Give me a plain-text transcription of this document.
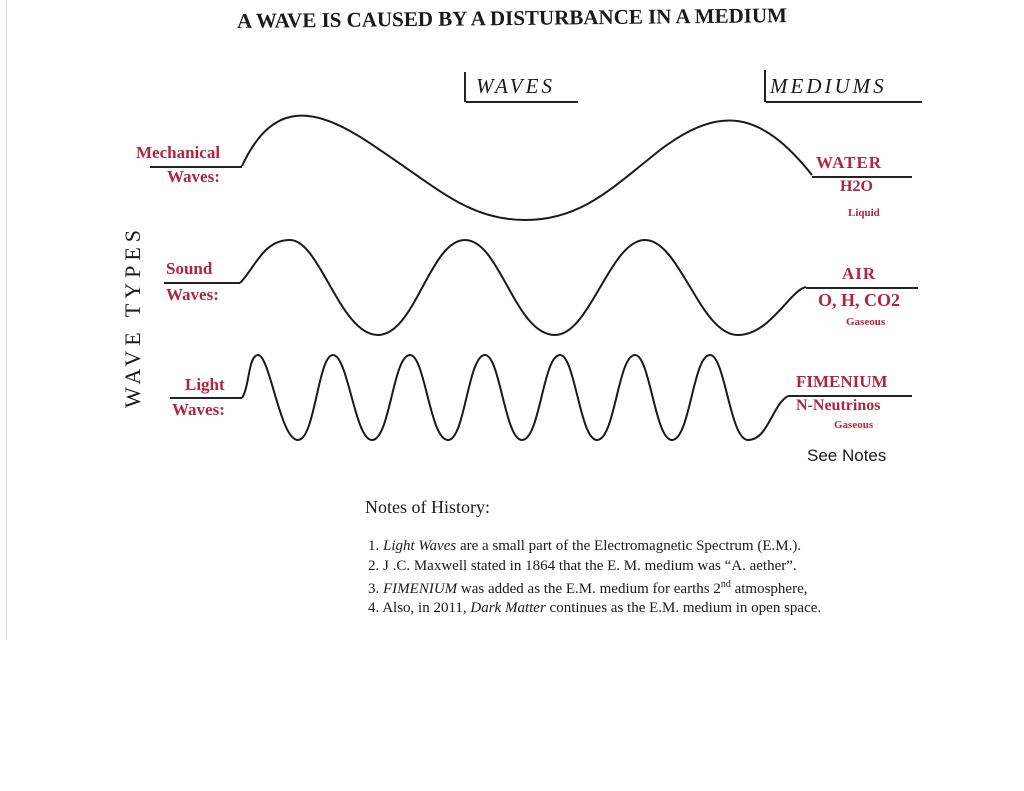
A WAVE IS CAUSED BY A DISTURBANCE IN A MEDIUM
WAVES	MEDIUMS
WAVE TYPES
Mechanical
Waves:
WATER
H2O
Liquid
Sound
Waves:
AIR
O, H, CO2
Gaseous
Light
Waves:
FIMENIUM
N-Neutrinos
Gaseous
See Notes
Notes of History:
1. Light Waves are a small part of the Electromagnetic Spectrum (E.M.).
2. J .C. Maxwell stated in 1864 that the E. M. medium was “A. aether”.
3. FIMENIUM was added as the E.M. medium for earths 2nd atmosphere,
4. Also, in 2011, Dark Matter continues as the E.M. medium in open space.
